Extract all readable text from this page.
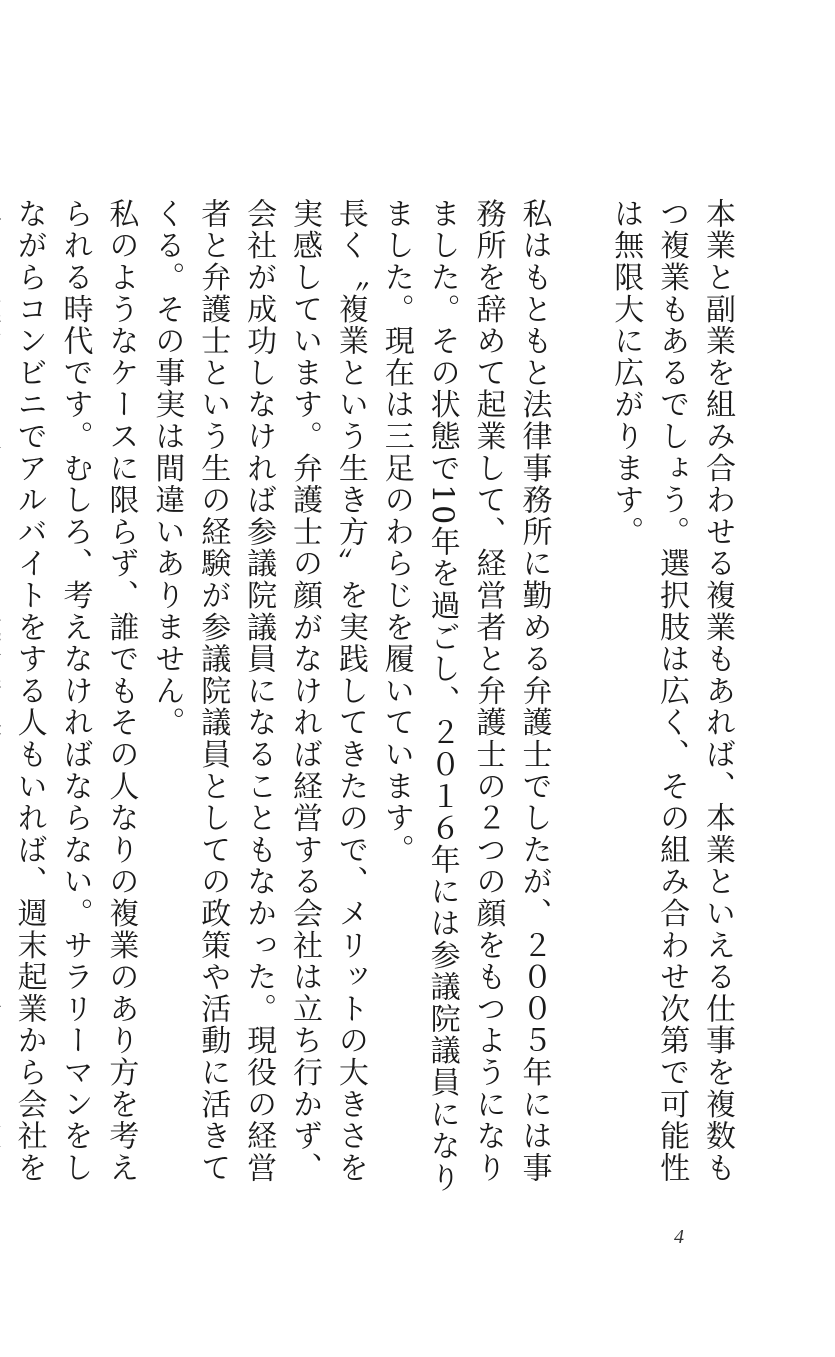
本業と副業を組み合わせる複業もあれば、本業といえる仕事を複数もつ複業もあるでしょう。選択肢は広く、その組み合わせ次第で可能性は無限大に広がります。

私はもともと法律事務所に勤める弁護士でしたが、２００５年には事務所を辞めて起業して、経営者と弁護士の２つの顔をもつようになりました。その状態で10年を過ごし、２０１６年には参議院議員になりました。現在は三足のわらじを履いています。

長く〝複業という生き方〟を実践してきたので、メリットの大きさを実感しています。弁護士の顔がなければ経営する会社は立ち行かず、会社が成功しなければ参議院議員になることもなかった。現役の経営者と弁護士という生の経験が参議院議員としての政策や活動に活きてくる。その事実は間違いありません。

私のようなケースに限らず、誰でもその人なりの複業のあり方を考えられる時代です。むしろ、考えなければならない。サラリーマンをしながらコンビニでアルバイトをする人もいれば、週末起業から会社を

4
